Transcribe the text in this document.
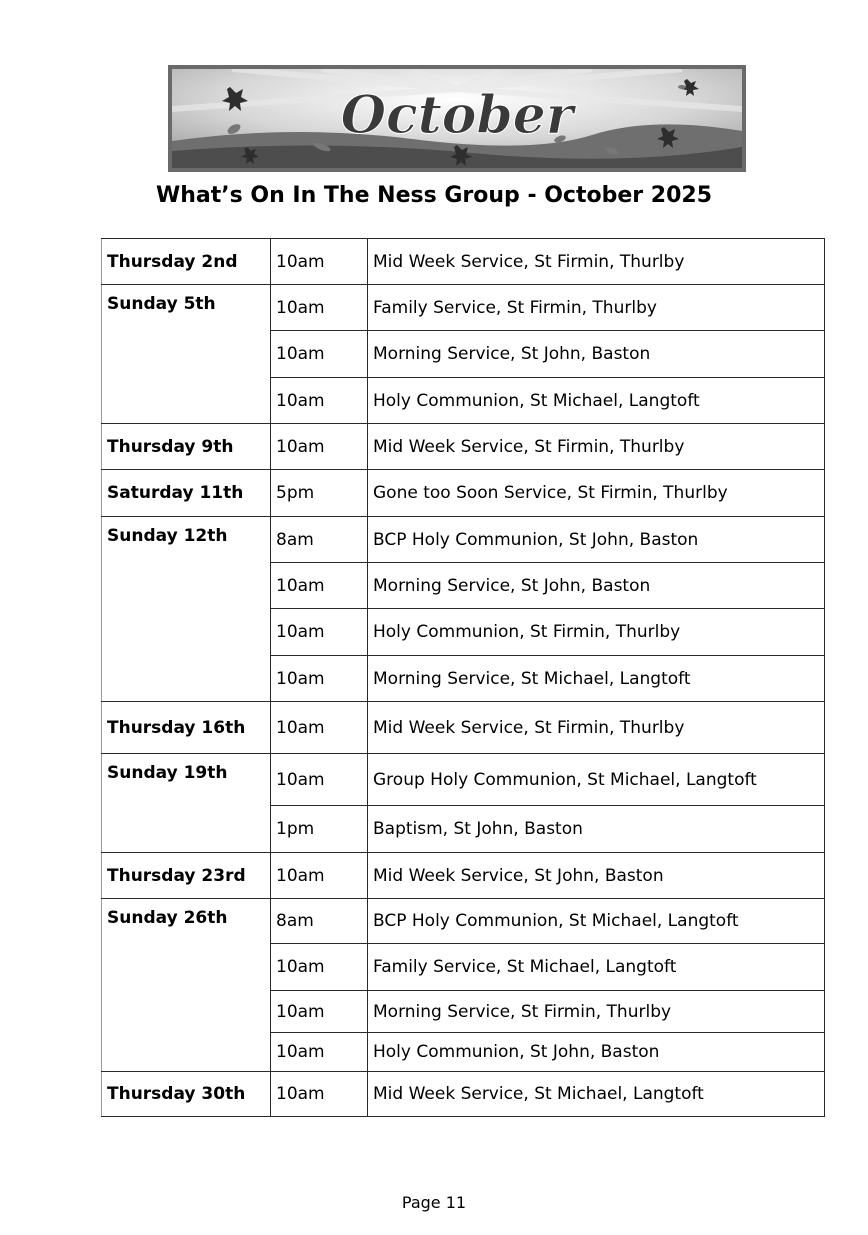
October
What’s On In The Ness Group - October 2025
Thursday 2nd	10am	Mid Week Service, St Firmin, Thurlby
Sunday 5th	10am	Family Service, St Firmin, Thurlby
	10am	Morning Service, St John, Baston
	10am	Holy Communion, St Michael, Langtoft
Thursday 9th	10am	Mid Week Service, St Firmin, Thurlby
Saturday 11th	5pm	Gone too Soon Service, St Firmin, Thurlby
Sunday 12th	8am	BCP Holy Communion, St John, Baston
	10am	Morning Service, St John, Baston
	10am	Holy Communion, St Firmin, Thurlby
	10am	Morning Service, St Michael, Langtoft
Thursday 16th	10am	Mid Week Service, St Firmin, Thurlby
Sunday 19th	10am	Group Holy Communion, St Michael, Langtoft
	1pm	Baptism, St John, Baston
Thursday 23rd	10am	Mid Week Service, St John, Baston
Sunday 26th	8am	BCP Holy Communion, St Michael, Langtoft
	10am	Family Service, St Michael, Langtoft
	10am	Morning Service, St Firmin, Thurlby
	10am	Holy Communion, St John, Baston
Thursday 30th	10am	Mid Week Service, St Michael, Langtoft
Page 11
